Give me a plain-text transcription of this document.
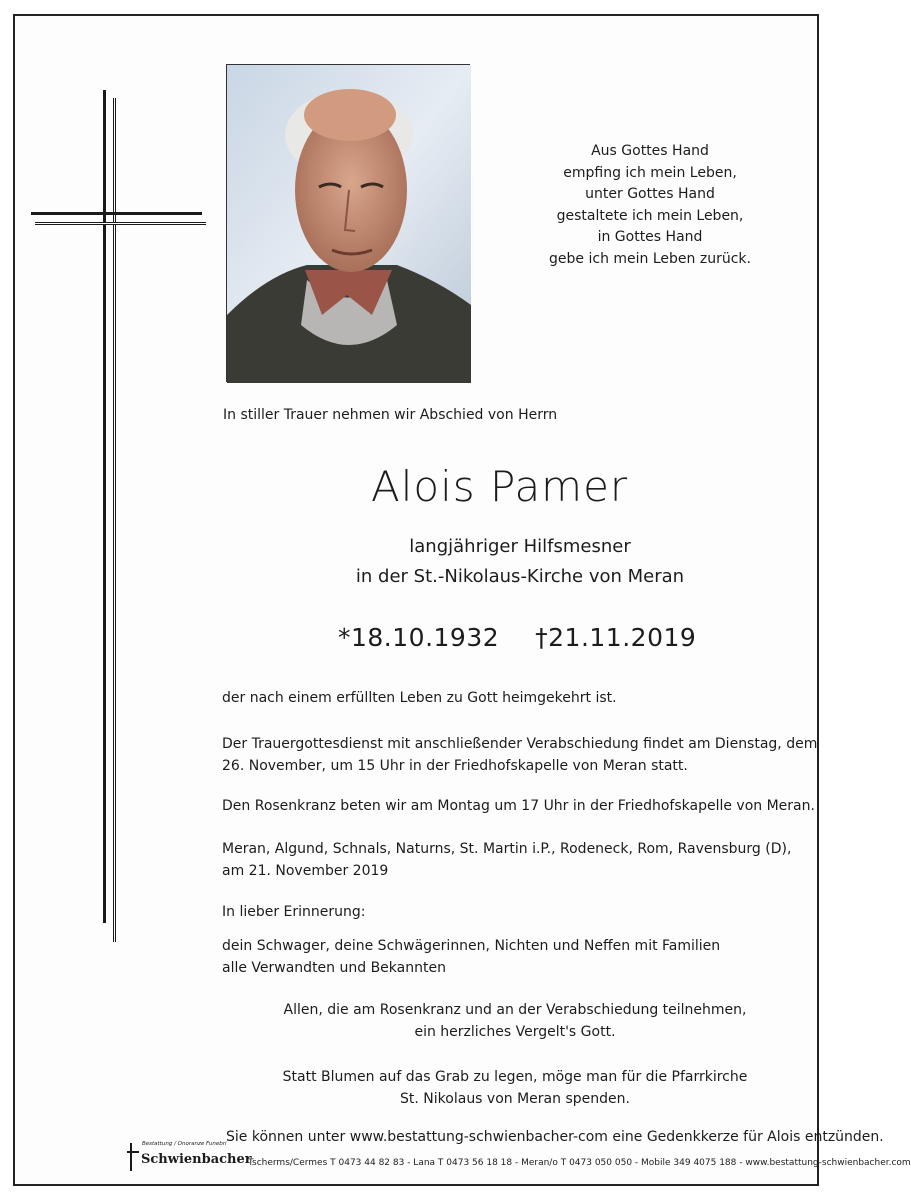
Aus Gottes Hand
empfing ich mein Leben,
unter Gottes Hand
gestaltete ich mein Leben,
in Gottes Hand
gebe ich mein Leben zurück.
In stiller Trauer nehmen wir Abschied von Herrn
Alois Pamer
langjähriger Hilfsmesner
in der St.-Nikolaus-Kirche von Meran
*18.10.1932 †21.11.2019
der nach einem erfüllten Leben zu Gott heimgekehrt ist.
Der Trauergottesdienst mit anschließender Verabschiedung findet am Dienstag, dem
26. November, um 15 Uhr in der Friedhofskapelle von Meran statt.
Den Rosenkranz beten wir am Montag um 17 Uhr in der Friedhofskapelle von Meran.
Meran, Algund, Schnals, Naturns, St. Martin i.P., Rodeneck, Rom, Ravensburg (D),
am 21. November 2019
In lieber Erinnerung:
dein Schwager, deine Schwägerinnen, Nichten und Neffen mit Familien
alle Verwandten und Bekannten
Allen, die am Rosenkranz und an der Verabschiedung teilnehmen,
ein herzliches Vergelt's Gott.
Statt Blumen auf das Grab zu legen, möge man für die Pfarrkirche
St. Nikolaus von Meran spenden.
Sie können unter www.bestattung-schwienbacher-com eine Gedenkkerze für Alois entzünden.
Bestattung / Onoranze Funebri
Schwienbacher
Tscherms/Cermes T 0473 44 82 83 - Lana T 0473 56 18 18 - Meran/o T 0473 050 050 - Mobile 349 4075 188 - www.bestattung-schwienbacher.com
